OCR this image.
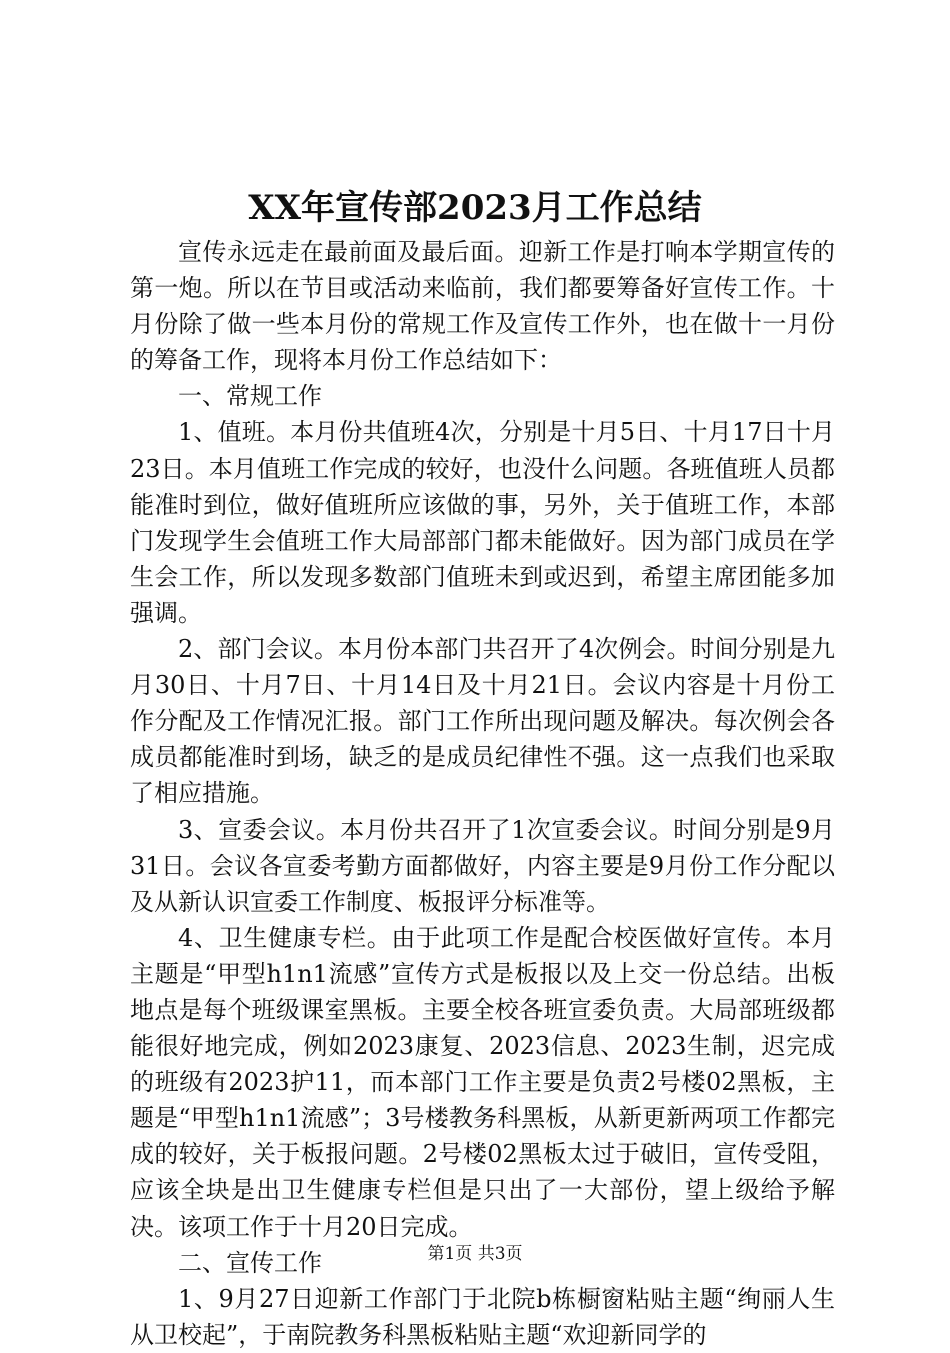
XX年宣传部2023月工作总结

宣传永远走在最前面及最后面。迎新工作是打响本学期宣传的第一炮。所以在节目或活动来临前，我们都要筹备好宣传工作。十月份除了做一些本月份的常规工作及宣传工作外，也在做十一月份的筹备工作，现将本月份工作总结如下：

一、常规工作

1、值班。本月份共值班4次，分别是十月5日、十月17日十月23日。本月值班工作完成的较好，也没什么问题。各班值班人员都能准时到位，做好值班所应该做的事，另外，关于值班工作，本部门发现学生会值班工作大局部部门都未能做好。因为部门成员在学生会工作，所以发现多数部门值班未到或迟到，希望主席团能多加强调。

2、部门会议。本月份本部门共召开了4次例会。时间分别是九月30日、十月7日、十月14日及十月21日。会议内容是十月份工作分配及工作情况汇报。部门工作所出现问题及解决。每次例会各成员都能准时到场，缺乏的是成员纪律性不强。这一点我们也采取了相应措施。

3、宣委会议。本月份共召开了1次宣委会议。时间分别是9月31日。会议各宣委考勤方面都做好，内容主要是9月份工作分配以及从新认识宣委工作制度、板报评分标准等。

4、卫生健康专栏。由于此项工作是配合校医做好宣传。本月主题是“甲型h1n1流感”宣传方式是板报以及上交一份总结。出板地点是每个班级课室黑板。主要全校各班宣委负责。大局部班级都能很好地完成，例如2023康复、2023信息、2023生制，迟完成的班级有2023护11，而本部门工作主要是负责2号楼02黑板，主题是“甲型h1n1流感”；3号楼教务科黑板，从新更新两项工作都完成的较好，关于板报问题。2号楼02黑板太过于破旧，宣传受阻，应该全块是出卫生健康专栏但是只出了一大部份，望上级给予解决。该项工作于十月20日完成。

二、宣传工作

1、9月27日迎新工作部门于北院b栋橱窗粘贴主题“绚丽人生从卫校起”，于南院教务科黑板粘贴主题“欢迎新同学的

第1页 共3页
